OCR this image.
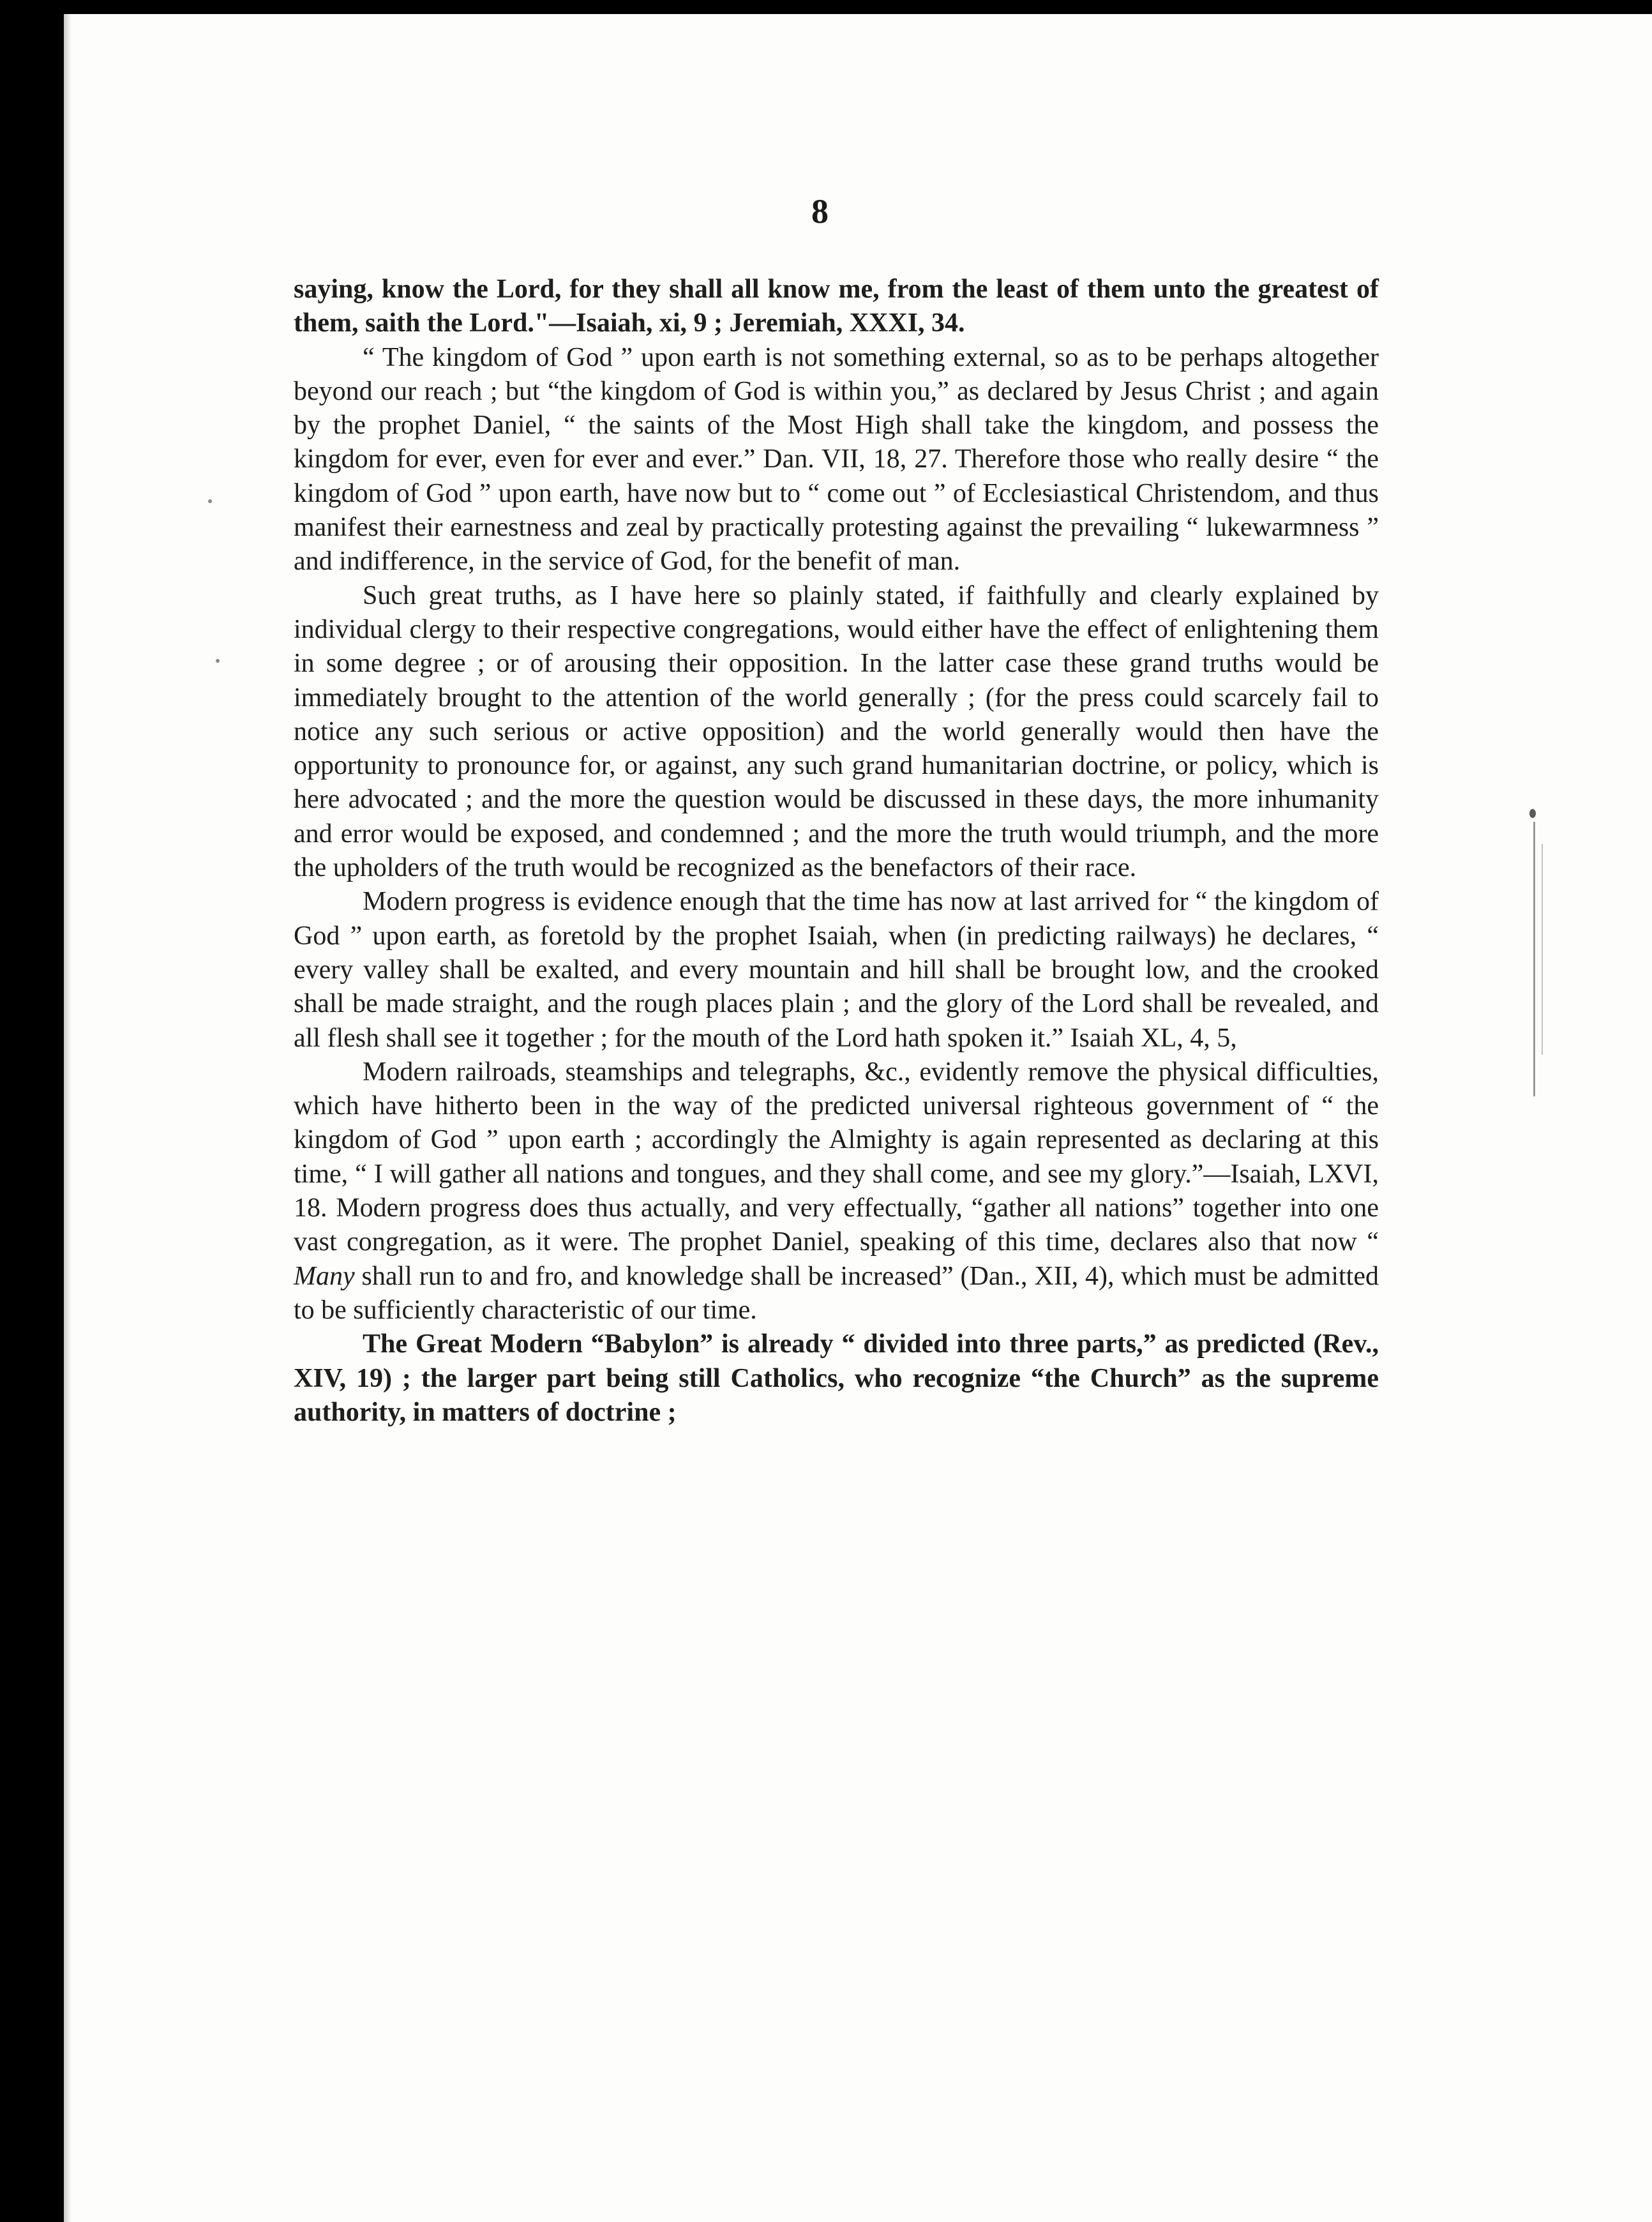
8

saying, know the Lord, for they shall all know me, from the least of them unto the greatest of them, saith the Lord."—Isaiah, xi, 9 ; Jeremiah, XXXI, 34.

“ The kingdom of God ” upon earth is not something external, so as to be perhaps altogether beyond our reach ; but “the kingdom of God is within you,” as declared by Jesus Christ ; and again by the prophet Daniel, “ the saints of the Most High shall take the kingdom, and possess the kingdom for ever, even for ever and ever.” Dan. VII, 18, 27. Therefore those who really desire “ the kingdom of God ” upon earth, have now but to “ come out ” of Ecclesiastical Christendom, and thus manifest their earnestness and zeal by practically protesting against the prevailing “ lukewarmness ” and indifference, in the service of God, for the benefit of man.

Such great truths, as I have here so plainly stated, if faithfully and clearly explained by individual clergy to their respective congregations, would either have the effect of enlightening them in some degree ; or of arousing their opposition. In the latter case these grand truths would be immediately brought to the attention of the world generally ; (for the press could scarcely fail to notice any such serious or active opposition) and the world generally would then have the opportunity to pronounce for, or against, any such grand humanitarian doctrine, or policy, which is here advocated ; and the more the question would be discussed in these days, the more inhumanity and error would be exposed, and condemned ; and the more the truth would triumph, and the more the upholders of the truth would be recognized as the benefactors of their race.

Modern progress is evidence enough that the time has now at last arrived for “ the kingdom of God ” upon earth, as foretold by the prophet Isaiah, when (in predicting railways) he declares, “ every valley shall be exalted, and every mountain and hill shall be brought low, and the crooked shall be made straight, and the rough places plain ; and the glory of the Lord shall be revealed, and all flesh shall see it together ; for the mouth of the Lord hath spoken it.” Isaiah XL, 4, 5,

Modern railroads, steamships and telegraphs, &c., evidently remove the physical difficulties, which have hitherto been in the way of the predicted universal righteous government of “ the kingdom of God ” upon earth ; accordingly the Almighty is again represented as declaring at this time, “ I will gather all nations and tongues, and they shall come, and see my glory.”—Isaiah, LXVI, 18. Modern progress does thus actually, and very effectually, “gather all nations” together into one vast congregation, as it were. The prophet Daniel, speaking of this time, declares also that now “ Many shall run to and fro, and knowledge shall be increased” (Dan., XII, 4), which must be admitted to be sufficiently characteristic of our time.

The Great Modern “Babylon” is already “ divided into three parts,” as predicted (Rev., XIV, 19) ; the larger part being still Catholics, who recognize “the Church” as the supreme authority, in matters of doctrine ;
